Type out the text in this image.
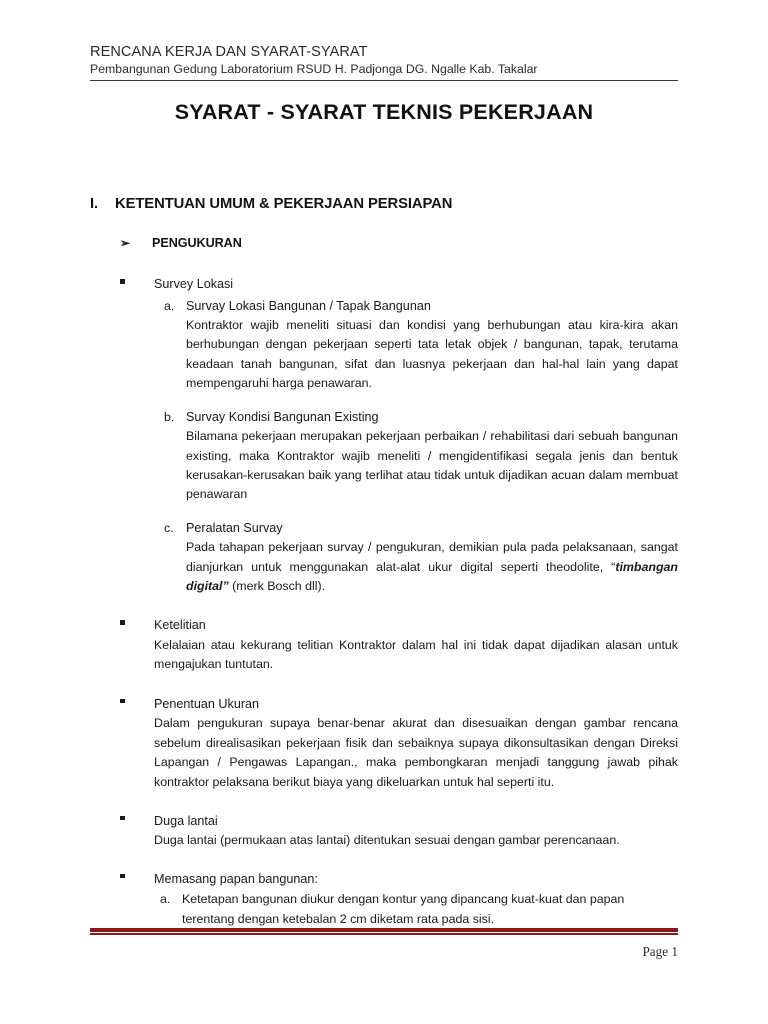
RENCANA KERJA DAN SYARAT-SYARAT
Pembangunan Gedung Laboratorium RSUD H. Padjonga DG. Ngalle Kab. Takalar
SYARAT - SYARAT TEKNIS PEKERJAAN
I.	KETENTUAN UMUM & PEKERJAAN PERSIAPAN
➢	PENGUKURAN
Survey Lokasi
a. Survay Lokasi Bangunan / Tapak Bangunan

Kontraktor wajib meneliti situasi dan kondisi yang berhubungan atau kira-kira akan berhubungan dengan pekerjaan seperti tata letak objek / bangunan, tapak, terutama keadaan tanah bangunan, sifat dan luasnya pekerjaan dan hal-hal lain yang dapat mempengaruhi harga penawaran.

b. Survay Kondisi Bangunan Existing

Bilamana pekerjaan merupakan pekerjaan perbaikan / rehabilitasi dari sebuah bangunan existing, maka Kontraktor wajib meneliti / mengidentifikasi segala jenis dan bentuk kerusakan-kerusakan baik yang terlihat atau tidak untuk dijadikan acuan dalam membuat penawaran

c. Peralatan Survay

Pada tahapan pekerjaan survay / pengukuran, demikian pula pada pelaksanaan, sangat dianjurkan untuk menggunakan alat-alat ukur digital seperti theodolite, “timbangan digital” (merk Bosch dll).

Ketelitian

Kelalaian atau kekurang telitian Kontraktor dalam hal ini tidak dapat dijadikan alasan untuk mengajukan tuntutan.

Penentuan Ukuran

Dalam pengukuran supaya benar-benar akurat dan disesuaikan dengan gambar rencana sebelum direalisasikan pekerjaan fisik dan sebaiknya supaya dikonsultasikan dengan Direksi Lapangan / Pengawas Lapangan., maka pembongkaran menjadi tanggung jawab pihak kontraktor pelaksana berikut biaya yang dikeluarkan untuk hal seperti itu.

Duga lantai

Duga lantai (permukaan atas lantai) ditentukan sesuai dengan gambar perencanaan.

Memasang papan bangunan:
a. Ketetapan bangunan diukur dengan kontur yang dipancang kuat-kuat dan papan terentang dengan ketebalan 2 cm diketam rata pada sisi.

Page 1
